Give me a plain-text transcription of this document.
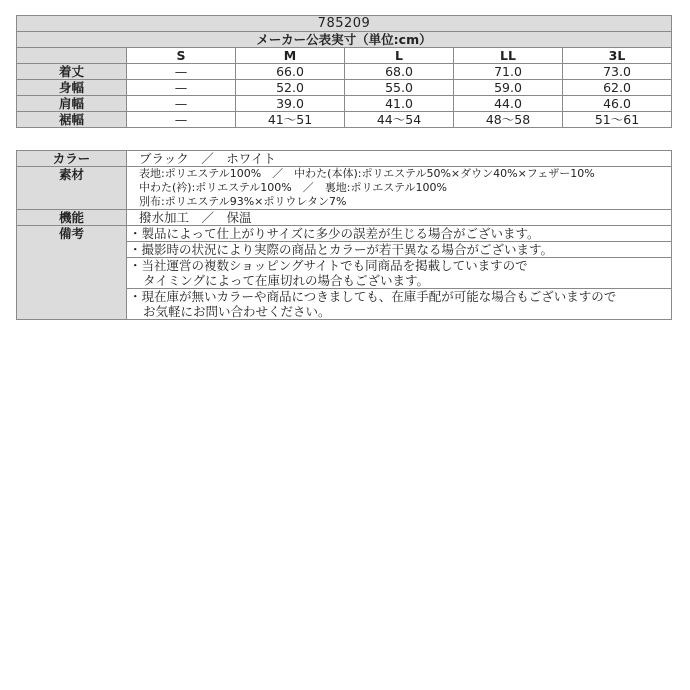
785209					
メーカー公表実寸（単位:cm）					
	S	M	L	LL	3L
着丈	—	66.0	68.0	71.0	73.0
身幅	—	52.0	55.0	59.0	62.0
肩幅	—	39.0	41.0	44.0	46.0
裾幅	—	41〜51	44〜54	48〜58	51〜61
カラー	ブラック　／　ホワイト
素材	表地:ポリエステル100%　／　中わた(本体):ポリエステル50%×ダウン40%×フェザー10%
中わた(衿):ポリエステル100%　／　裏地:ポリエステル100%
別布:ポリエステル93%×ポリウレタン7%

機能	撥水加工　／　保温
備考	・製品によって仕上がりサイズに多少の誤差が生じる場合がございます。

	・撮影時の状況により実際の商品とカラーが若干異なる場合がございます。

	・当社運営の複数ショッピングサイトでも同商品を掲載していますので
タイミングによって在庫切れの場合もございます。

	・現在庫が無いカラーや商品につきましても、在庫手配が可能な場合もございますので
お気軽にお問い合わせください。
